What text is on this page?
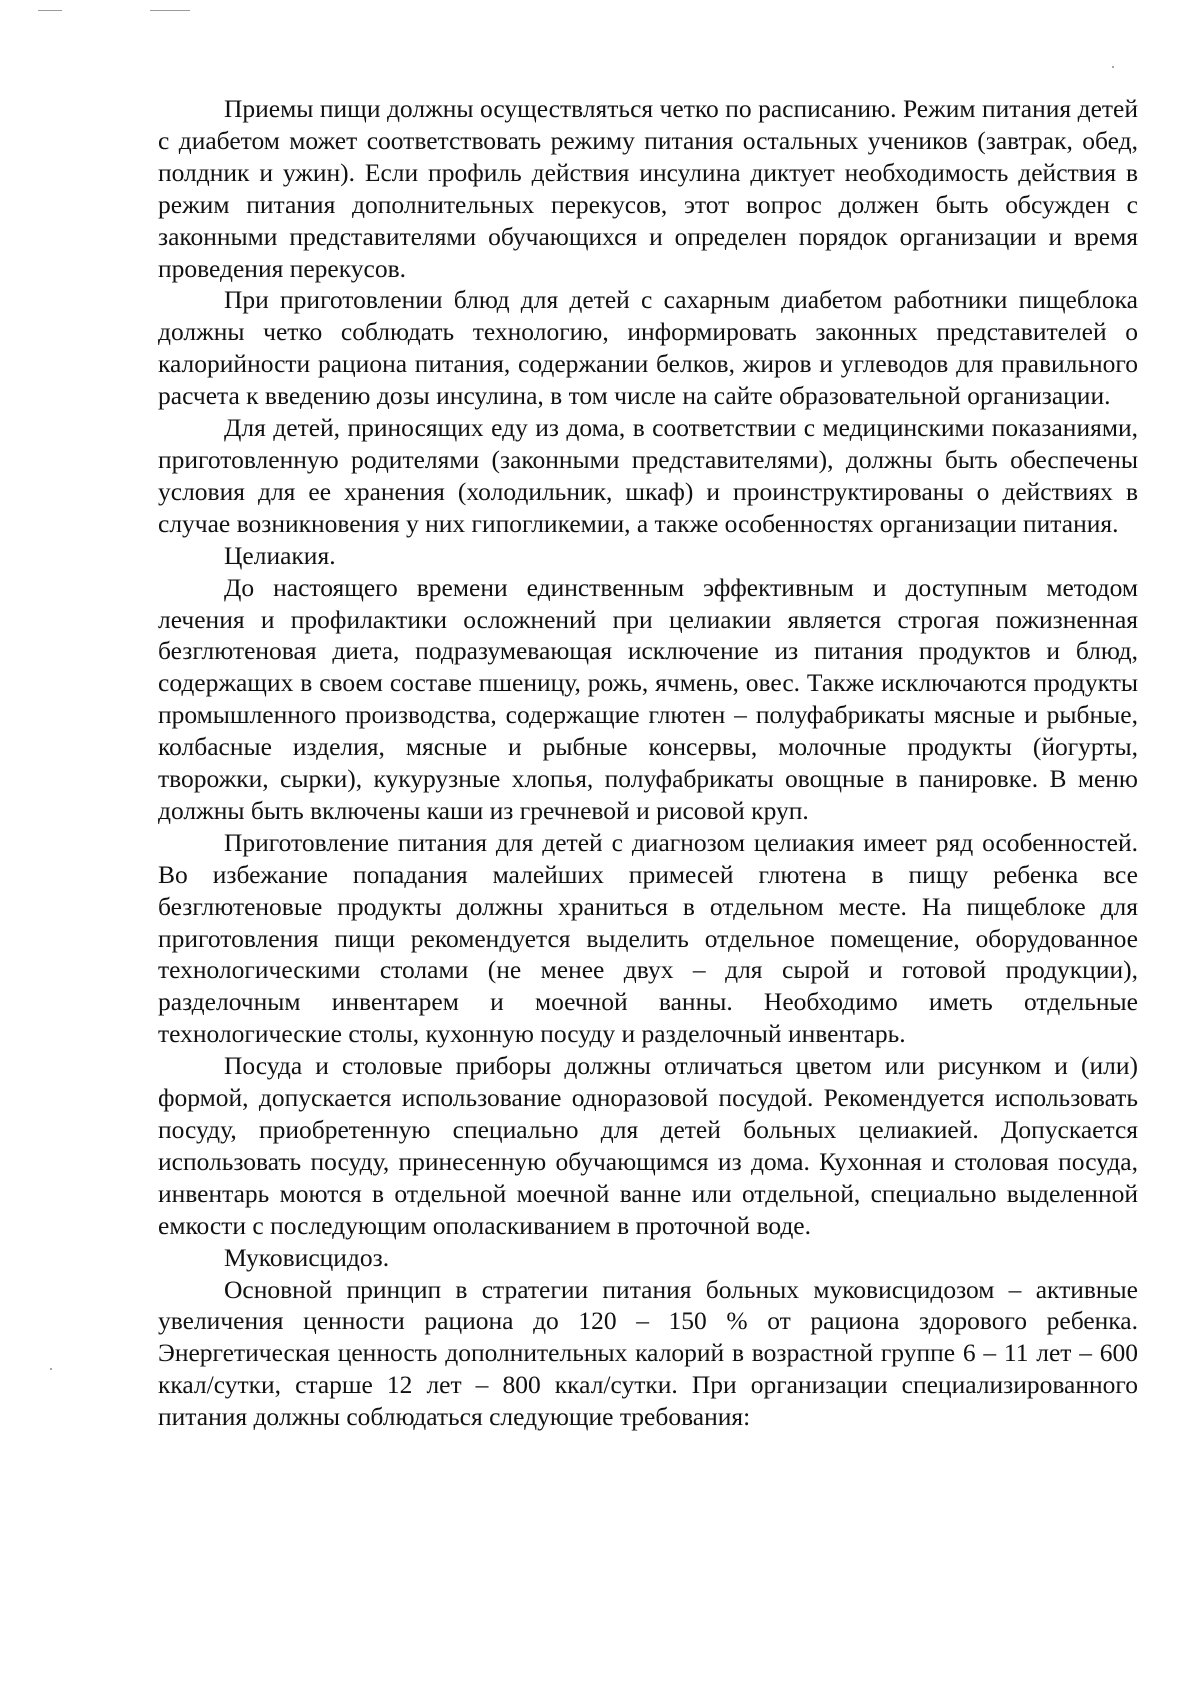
Приемы пищи должны осуществляться четко по расписанию. Режим питания детей с диабетом может соответствовать режиму питания остальных учеников (завтрак, обед, полдник и ужин). Если профиль действия инсулина диктует необходимость действия в режим питания дополнительных перекусов, этот вопрос должен быть обсужден с законными представителями обучающихся и определен порядок организации и время проведения перекусов.

При приготовлении блюд для детей с сахарным диабетом работники пищеблока должны четко соблюдать технологию, информировать законных представителей о калорийности рациона питания, содержании белков, жиров и углеводов для правильного расчета к введению дозы инсулина, в том числе на сайте образовательной организации.

Для детей, приносящих еду из дома, в соответствии с медицинскими показаниями, приготовленную родителями (законными представителями), должны быть обеспечены условия для ее хранения (холодильник, шкаф) и проинструктированы о действиях в случае возникновения у них гипогликемии, а также особенностях организации питания.

Целиакия.

До настоящего времени единственным эффективным и доступным методом лечения и профилактики осложнений при целиакии является строгая пожизненная безглютеновая диета, подразумевающая исключение из питания продуктов и блюд, содержащих в своем составе пшеницу, рожь, ячмень, овес. Также исключаются продукты промышленного производства, содержащие глютен – полуфабрикаты мясные и рыбные, колбасные изделия, мясные и рыбные консервы, молочные продукты (йогурты, творожки, сырки), кукурузные хлопья, полуфабрикаты овощные в панировке. В меню должны быть включены каши из гречневой и рисовой круп.

Приготовление питания для детей с диагнозом целиакия имеет ряд особенностей. Во избежание попадания малейших примесей глютена в пищу ребенка все безглютеновые продукты должны храниться в отдельном месте. На пищеблоке для приготовления пищи рекомендуется выделить отдельное помещение, оборудованное технологическими столами (не менее двух – для сырой и готовой продукции), разделочным инвентарем и моечной ванны. Необходимо иметь отдельные технологические столы, кухонную посуду и разделочный инвентарь.

Посуда и столовые приборы должны отличаться цветом или рисунком и (или) формой, допускается использование одноразовой посудой. Рекомендуется использовать посуду, приобретенную специально для детей больных целиакией. Допускается использовать посуду, принесенную обучающимся из дома. Кухонная и столовая посуда, инвентарь моются в отдельной моечной ванне или отдельной, специально выделенной емкости с последующим ополаскиванием в проточной воде.

Муковисцидоз.

Основной принцип в стратегии питания больных муковисцидозом – активные увеличения ценности рациона до 120 – 150 % от рациона здорового ребенка. Энергетическая ценность дополнительных калорий в возрастной группе 6 – 11 лет – 600 ккал/сутки, старше 12 лет – 800 ккал/сутки. При организации специализированного питания должны соблюдаться следующие требования:
